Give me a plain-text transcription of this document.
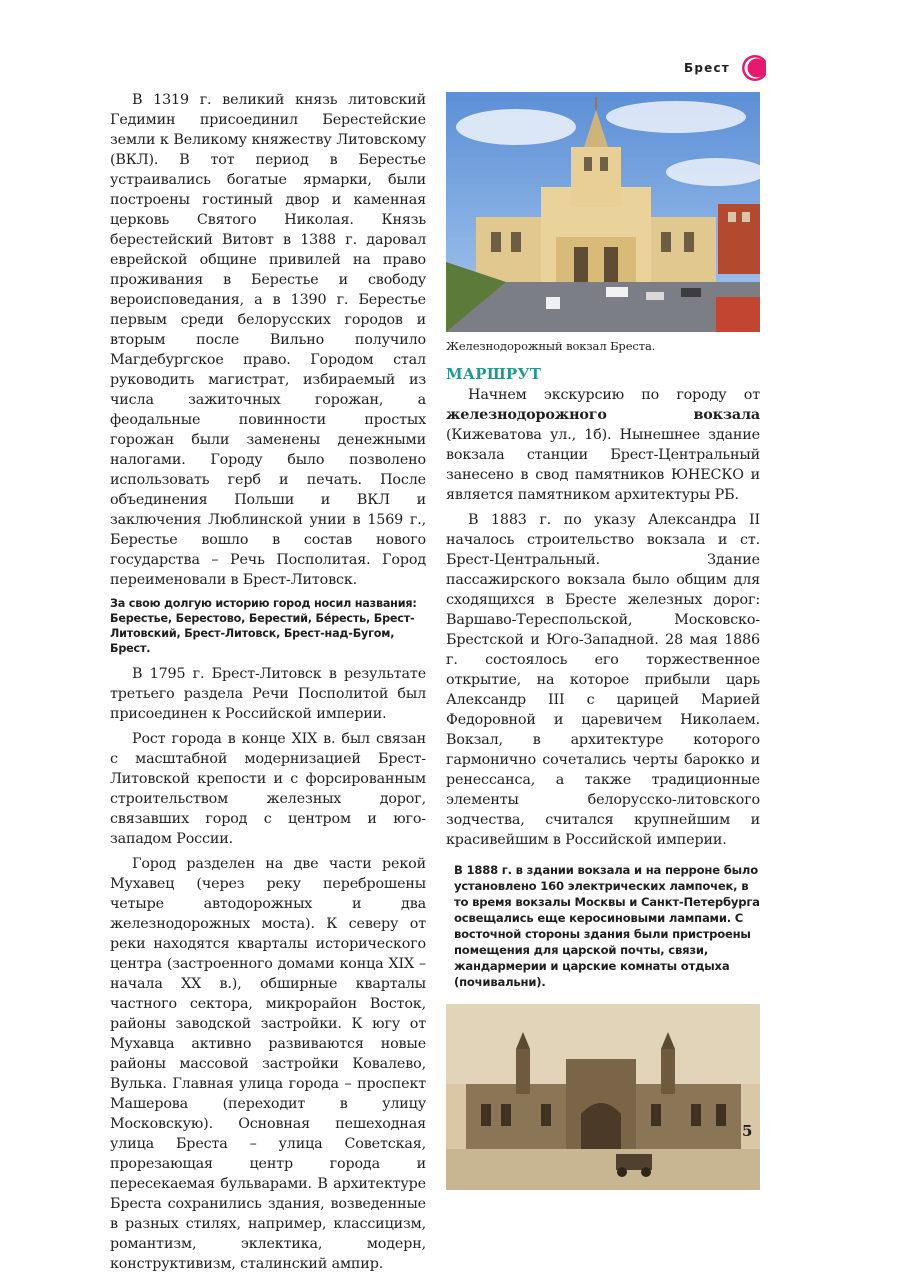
Брест

В 1319 г. великий князь литовский Гедимин присоединил Берестейские земли к Великому княжеству Литовскому (ВКЛ). В тот период в Берестье устраивались богатые ярмарки, были построены гостиный двор и каменная церковь Святого Николая. Князь берестейский Витовт в 1388 г. даровал еврейской общине привилей на право проживания в Берестье и свободу вероисповедания, а в 1390 г. Берестье первым среди белорусских городов и вторым после Вильно получило Магдебургское право. Городом стал руководить магистрат, избираемый из числа зажиточных горожан, а феодальные повинности простых горожан были заменены денежными налогами. Городу было позволено использовать герб и печать. После объединения Польши и ВКЛ и заключения Люблинской унии в 1569 г., Берестье вошло в состав нового государства – Речь Посполитая. Город переименовали в Брест-Литовск.

За свою долгую историю город носил названия: Берестье, Берестово, Берестий, Бе́ресть, Брест-Литовский, Брест-Литовск, Брест-над-Бугом, Брест.

В 1795 г. Брест-Литовск в результате третьего раздела Речи Посполитой был присоединен к Российской империи.

Рост города в конце XIX в. был связан с масштабной модернизацией Брест-Литовской крепости и с форсированным строительством железных дорог, связавших город с центром и юго-западом России.

Город разделен на две части рекой Мухавец (через реку переброшены четыре автодорожных и два железнодорожных моста). К северу от реки находятся кварталы исторического центра (застроенного домами конца XIX – начала XX в.), обширные кварталы частного сектора, микрорайон Восток, районы заводской застройки. К югу от Мухавца активно развиваются новые районы массовой застройки Ковалево, Вулька. Главная улица города – проспект Машерова (переходит в улицу Московскую). Основная пешеходная улица Бреста – улица Советская, прорезающая центр города и пересекаемая бульварами. В архитектуре Бреста сохранились здания, возведенные в разных стилях, например, классицизм, романтизм, эклектика, модерн, конструктивизм, сталинский ампир.

Железнодорожный вокзал Бреста.
МАРШРУТ

Начнем экскурсию по городу от железнодорожного вокзала (Кижеватова ул., 1б). Нынешнее здание вокзала станции Брест-Центральный занесено в свод памятников ЮНЕСКО и является памятником архитектуры РБ.

В 1883 г. по указу Александра II началось строительство вокзала и ст. Брест-Центральный. Здание пассажирского вокзала было общим для сходящихся в Бресте железных дорог: Варшаво-Тереспольской, Московско-Брестской и Юго-Западной. 28 мая 1886 г. состоялось его торжественное открытие, на которое прибыли царь Александр III с царицей Марией Федоровной и царевичем Николаем. Вокзал, в архитектуре которого гармонично сочетались черты барокко и ренессанса, а также традиционные элементы белорусско-литовского зодчества, считался крупнейшим и красивейшим в Российской империи.

В 1888 г. в здании вокзала и на перроне было установлено 160 электрических лампочек, в то время вокзалы Москвы и Санкт-Петербурга освещались еще керосиновыми лампами. С восточной стороны здания были пристроены помещения для царской почты, связи, жандармерии и царские комнаты отдыха (почивальни).

5
